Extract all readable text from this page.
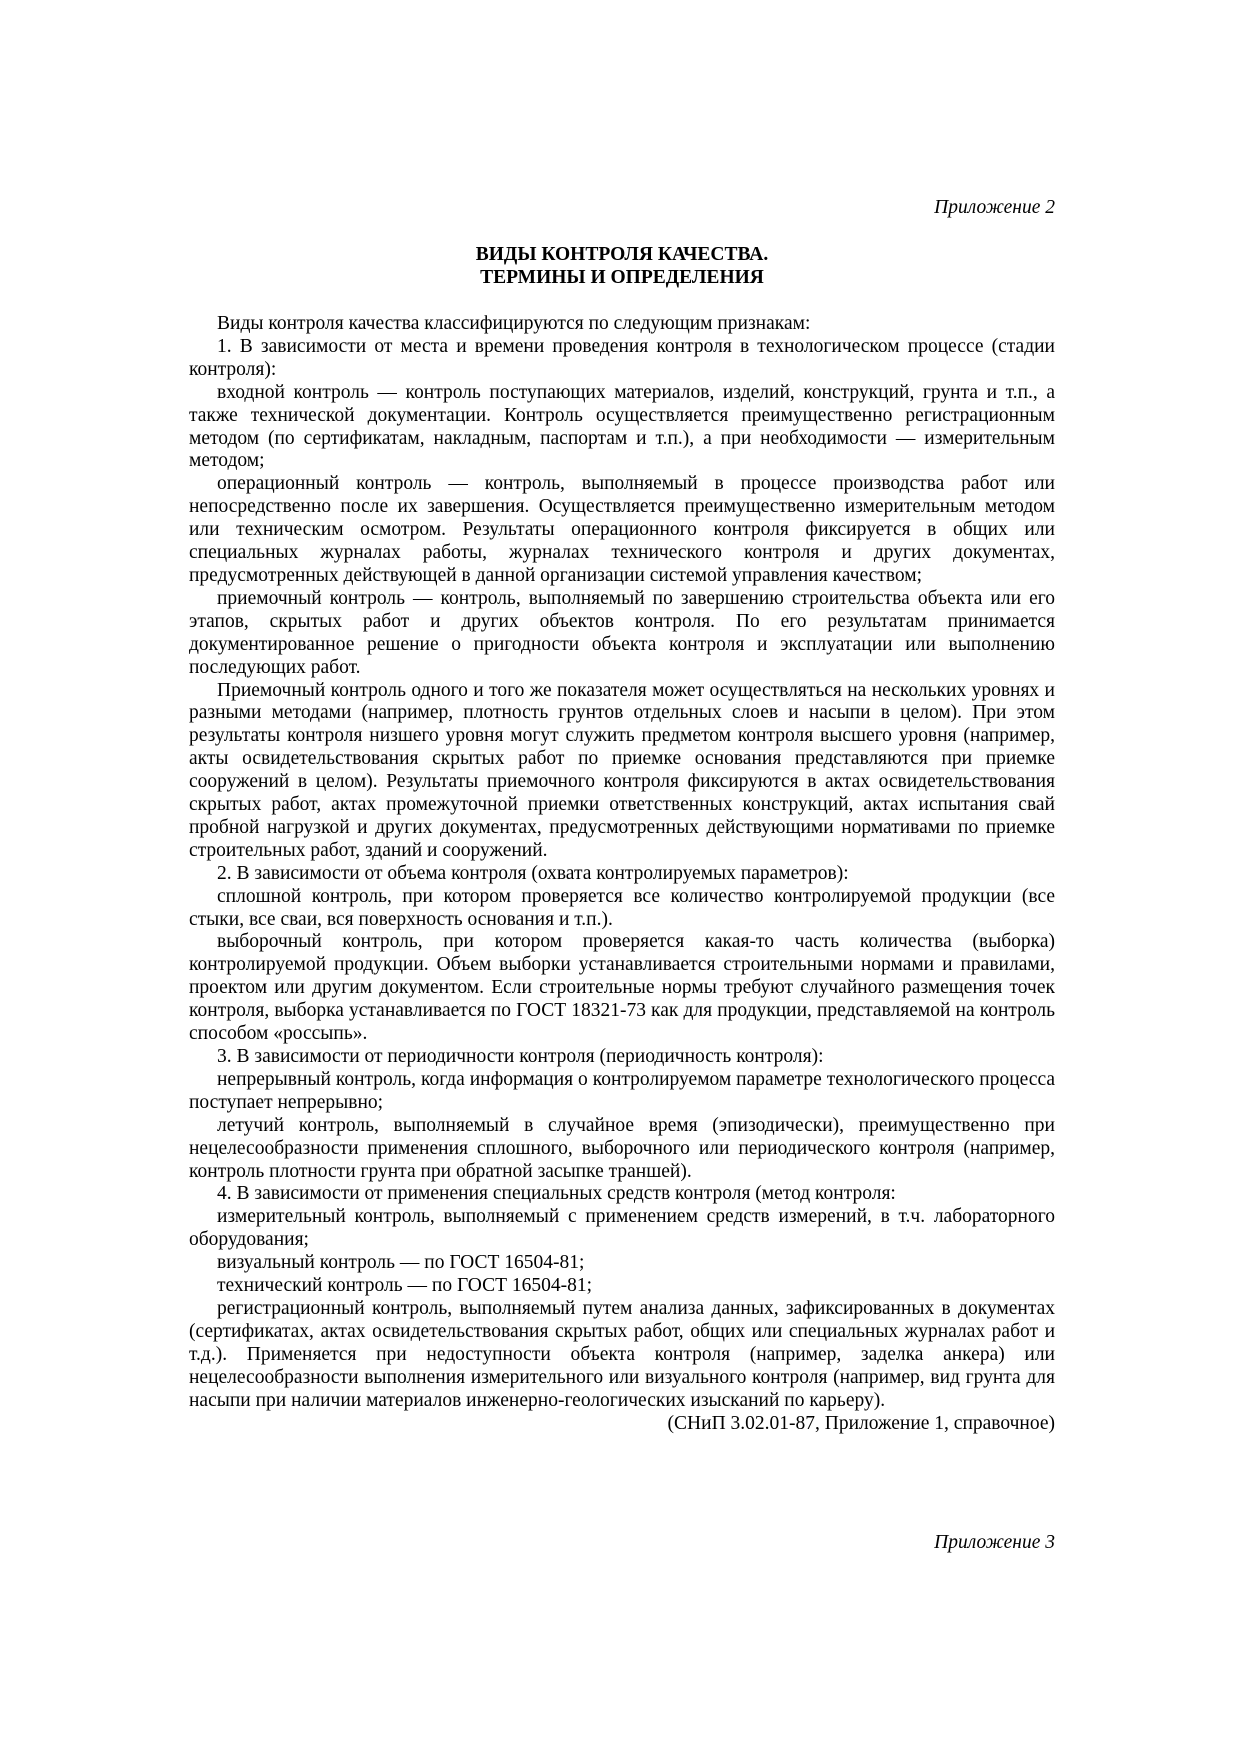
Приложение 2

ВИДЫ КОНТРОЛЯ КАЧЕСТВА.
ТЕРМИНЫ И ОПРЕДЕЛЕНИЯ

Виды контроля качества классифицируются по следующим признакам:

1. В зависимости от места и времени проведения контроля в технологическом процессе (стадии контроля):

входной контроль — контроль поступающих материалов, изделий, конструкций, грунта и т.п., а также технической документации. Контроль осуществляется преимущественно регистрационным методом (по сертификатам, накладным, паспортам и т.п.), а при необходимости — измерительным методом;

операционный контроль — контроль, выполняемый в процессе производства работ или непосредственно после их завершения. Осуществляется преимущественно измерительным методом или техническим осмотром. Результаты операционного контроля фиксируется в общих или специальных журналах работы, журналах технического контроля и других документах, предусмотренных действующей в данной организации системой управления качеством;

приемочный контроль — контроль, выполняемый по завершению строительства объекта или его этапов, скрытых работ и других объектов контроля. По его результатам принимается документированное решение о пригодности объекта контроля и эксплуатации или выполнению последующих работ.

Приемочный контроль одного и того же показателя может осуществляться на нескольких уровнях и разными методами (например, плотность грунтов отдельных слоев и насыпи в целом). При этом результаты контроля низшего уровня могут служить предметом контроля высшего уровня (например, акты освидетельствования скрытых работ по приемке основания представляются при приемке сооружений в целом). Результаты приемочного контроля фиксируются в актах освидетельствования скрытых работ, актах промежуточной приемки ответственных конструкций, актах испытания свай пробной нагрузкой и других документах, предусмотренных действующими нормативами по приемке строительных работ, зданий и сооружений.

2. В зависимости от объема контроля (охвата контролируемых параметров):

сплошной контроль, при котором проверяется все количество контролируемой продукции (все стыки, все сваи, вся поверхность основания и т.п.).

выборочный контроль, при котором проверяется какая-то часть количества (выборка) контролируемой продукции. Объем выборки устанавливается строительными нормами и правилами, проектом или другим документом. Если строительные нормы требуют случайного размещения точек контроля, выборка устанавливается по ГОСТ 18321-73 как для продукции, представляемой на контроль способом «россыпь».

3. В зависимости от периодичности контроля (периодичность контроля):

непрерывный контроль, когда информация о контролируемом параметре технологического процесса поступает непрерывно;

летучий контроль, выполняемый в случайное время (эпизодически), преимущественно при нецелесообразности применения сплошного, выборочного или периодического контроля (например, контроль плотности грунта при обратной засыпке траншей).

4. В зависимости от применения специальных средств контроля (метод контроля:

измерительный контроль, выполняемый с применением средств измерений, в т.ч. лабораторного оборудования;

визуальный контроль — по ГОСТ 16504-81;

технический контроль — по ГОСТ 16504-81;

регистрационный контроль, выполняемый путем анализа данных, зафиксированных в документах (сертификатах, актах освидетельствования скрытых работ, общих или специальных журналах работ и т.д.). Применяется при недоступности объекта контроля (например, заделка анкера) или нецелесообразности выполнения измерительного или визуального контроля (например, вид грунта для насыпи при наличии материалов инженерно-геологических изысканий по карьеру).

(СНиП 3.02.01-87, Приложение 1, справочное)

Приложение 3
